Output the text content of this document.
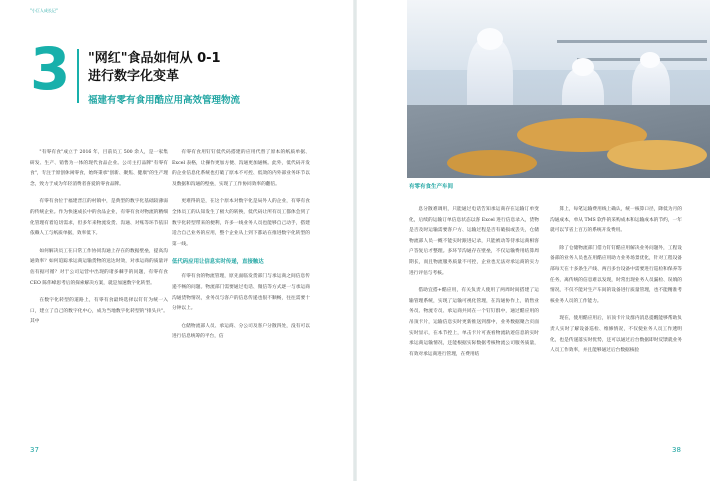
"小巨人成长记"
3 "网红"食品如何从 0-1
进行数字化变革
福建有零有食用酷应用高效管理物流
有零有食生产车间

"有零有食"成立于 2016 年，目前员工 500 余人，是一家集研发、生产、销售为一体的现代食品企业。公司主打品牌"有零有食"，专注于原创休闲零食，始终秉承"创新、聚焦、健康"的生产理念，致力于成为年轻消费者喜爱的零食品牌。

有零有食位于福建晋江的村镇中，是典型的数字化基础较薄弱的传统企业。作为快速成长中的食品企业，有零有食对物流的精细化管理有着迫切需求，但多年来物流发货、沟通、对账等环节依旧依赖人工与纸质单据，效率低下。

如何解决员工在日常工作协同沟通上存在的数据壁垒，提高沟通效率？如何追踪承运商运输货物的送达时效，对承运商的质量评估有据可循？对于公司运营中出现的诸多棘手的问题，有零有食 CEO 陈伟峰思考后的探索解决方案，就是加速数字化转型。

在数字化转型的道路上，有零有食最终选择以钉钉为统一入口，建立了自己的数字化中心，成为当地数字化转型的"排头兵"。其中

有零有食用钉钉低代码搭建的应用代替了原本的纸质单据、Excel 表格，让操作更加方便、沟通更加通畅。此外，低代码开发的企业信息化系统也打破了原本不可控、低效的内外部业务环节以及数据和沟通的壁垒，实现了工作协同效率的翻倍。

更难得的是，在这个原本对数字化是局外人的企业，有零有食全体员工的认知发生了极大的转换，低代码让所有员工都体会到了数字化转型带来的便利，许多一线业务人员也能够自己动手，搭建适合自己业务的应用，整个企业从上到下都站在推进数字化转型的第一线。

低代码应用让信息实时传递，直接触达

有零有食的物流管理，原先面临发货部门与承运商之间信息传递不畅的问题。物流部门需要通过电话、微信等方式逐一与承运商沟通货物情况，业务员与客户的信息传递也很不顺畅，往往需要十分钟以上。

仓储物流部人员、承运商、分公司及客户分散四处，没有可以进行信息统筹的平台，信

息分散难调用，只能通过电话告知承运商存在运输订单变化，后续的运输订单信息状态以客 Excel 进行信息录入，货物是否及时运输需要客户方、运输过程是否有破损或丢失，仓储物流部人员一概不能实时跟进记录，只能被动等待承运商相客户答复后才整理。多环节沟通存在壁垒，不仅运输费用结算周期长，而且物流服务质量不可控，企业也无法对承运商的实力进行评估与考核。

借助宜搭+酷应用，有关负责人使用了两周时间搭建了运输管理系统，实现了运输可视化管理，在沟通协作上，销售业务员、物流专员、承运商共同在一个钉钉群中，通过酷应用的吊顶卡片，运输信息实时更新推送到群中，业务数据聚合页面实时显示，在本节控上，单击卡片可查看物流轨迹信息的实时承运商运输情况，还能根据实际数据考核物流公司服务质量，有效对承运商进行管理，在费用结

算上，每笔运输费用线上确认，统一核算口径，降低为月的沟通成本，单从 TMS 软件的采购成本和运输成本的节约，一年就可以节省上百万的系统开发费用。

除了仓储物流部门借力钉钉酷应用解决业务问题外，工程设备部的业务人员也在用酷应用助力业务场景优化，针对工程设备部每天在十多条生产线、两百多台设备中需要进行巡检和保养等任务，离传统的信息难以发现，时常出现业务人员漏检、误填的情况，不仅不能对生产车间的设备进行质量管理，也不能精准考核业务人员的工作能力。

现在，使用酷应用后，吊顶卡片及群内消息提醒能够帮助负责人实时了解设备巡检、维修情况，不仅使业务人员工作透明化，也是传递落实时优势，还可以通过后台数据即时反馈就业务人员工作效率，并且能够通过后台数据核验

37	38
